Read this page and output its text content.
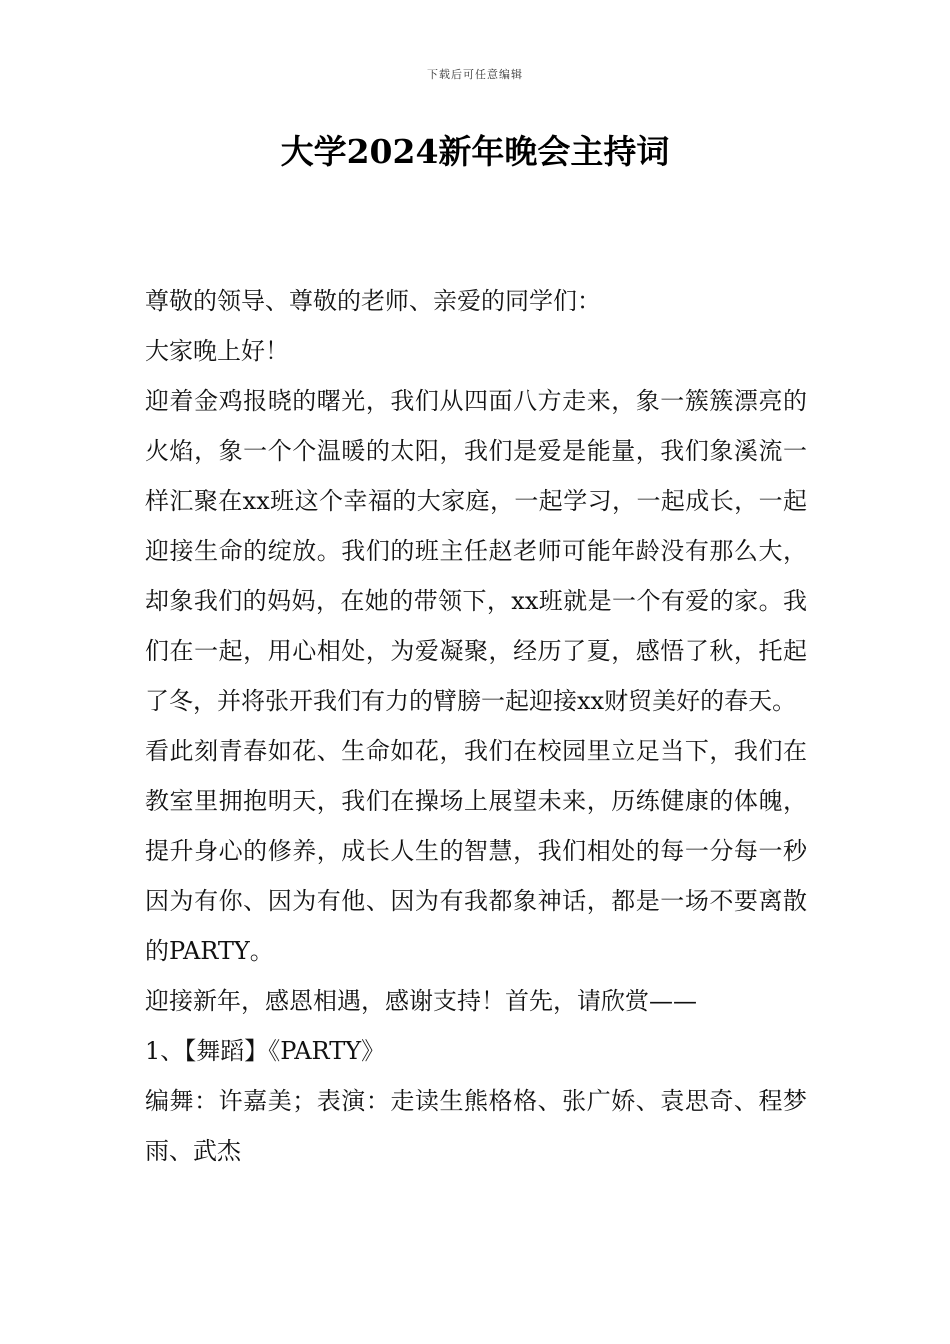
下载后可任意编辑
大学2024新年晚会主持词

尊敬的领导、尊敬的老师、亲爱的同学们：

大家晚上好！

迎着金鸡报晓的曙光，我们从四面八方走来，象一簇簇漂亮的火焰，象一个个温暖的太阳，我们是爱是能量，我们象溪流一样汇聚在xx班这个幸福的大家庭，一起学习，一起成长，一起迎接生命的绽放。我们的班主任赵老师可能年龄没有那么大，却象我们的妈妈，在她的带领下，xx班就是一个有爱的家。我们在一起，用心相处，为爱凝聚，经历了夏，感悟了秋，托起了冬，并将张开我们有力的臂膀一起迎接xx财贸美好的春天。

看此刻青春如花、生命如花，我们在校园里立足当下，我们在教室里拥抱明天，我们在操场上展望未来，历练健康的体魄，提升身心的修养，成长人生的智慧，我们相处的每一分每一秒因为有你、因为有他、因为有我都象神话，都是一场不要离散的PARTY。

迎接新年，感恩相遇，感谢支持！首先，请欣赏——

1、【舞蹈】《PARTY》

编舞：许嘉美；表演：走读生熊格格、张广娇、袁思奇、程梦雨、武杰
